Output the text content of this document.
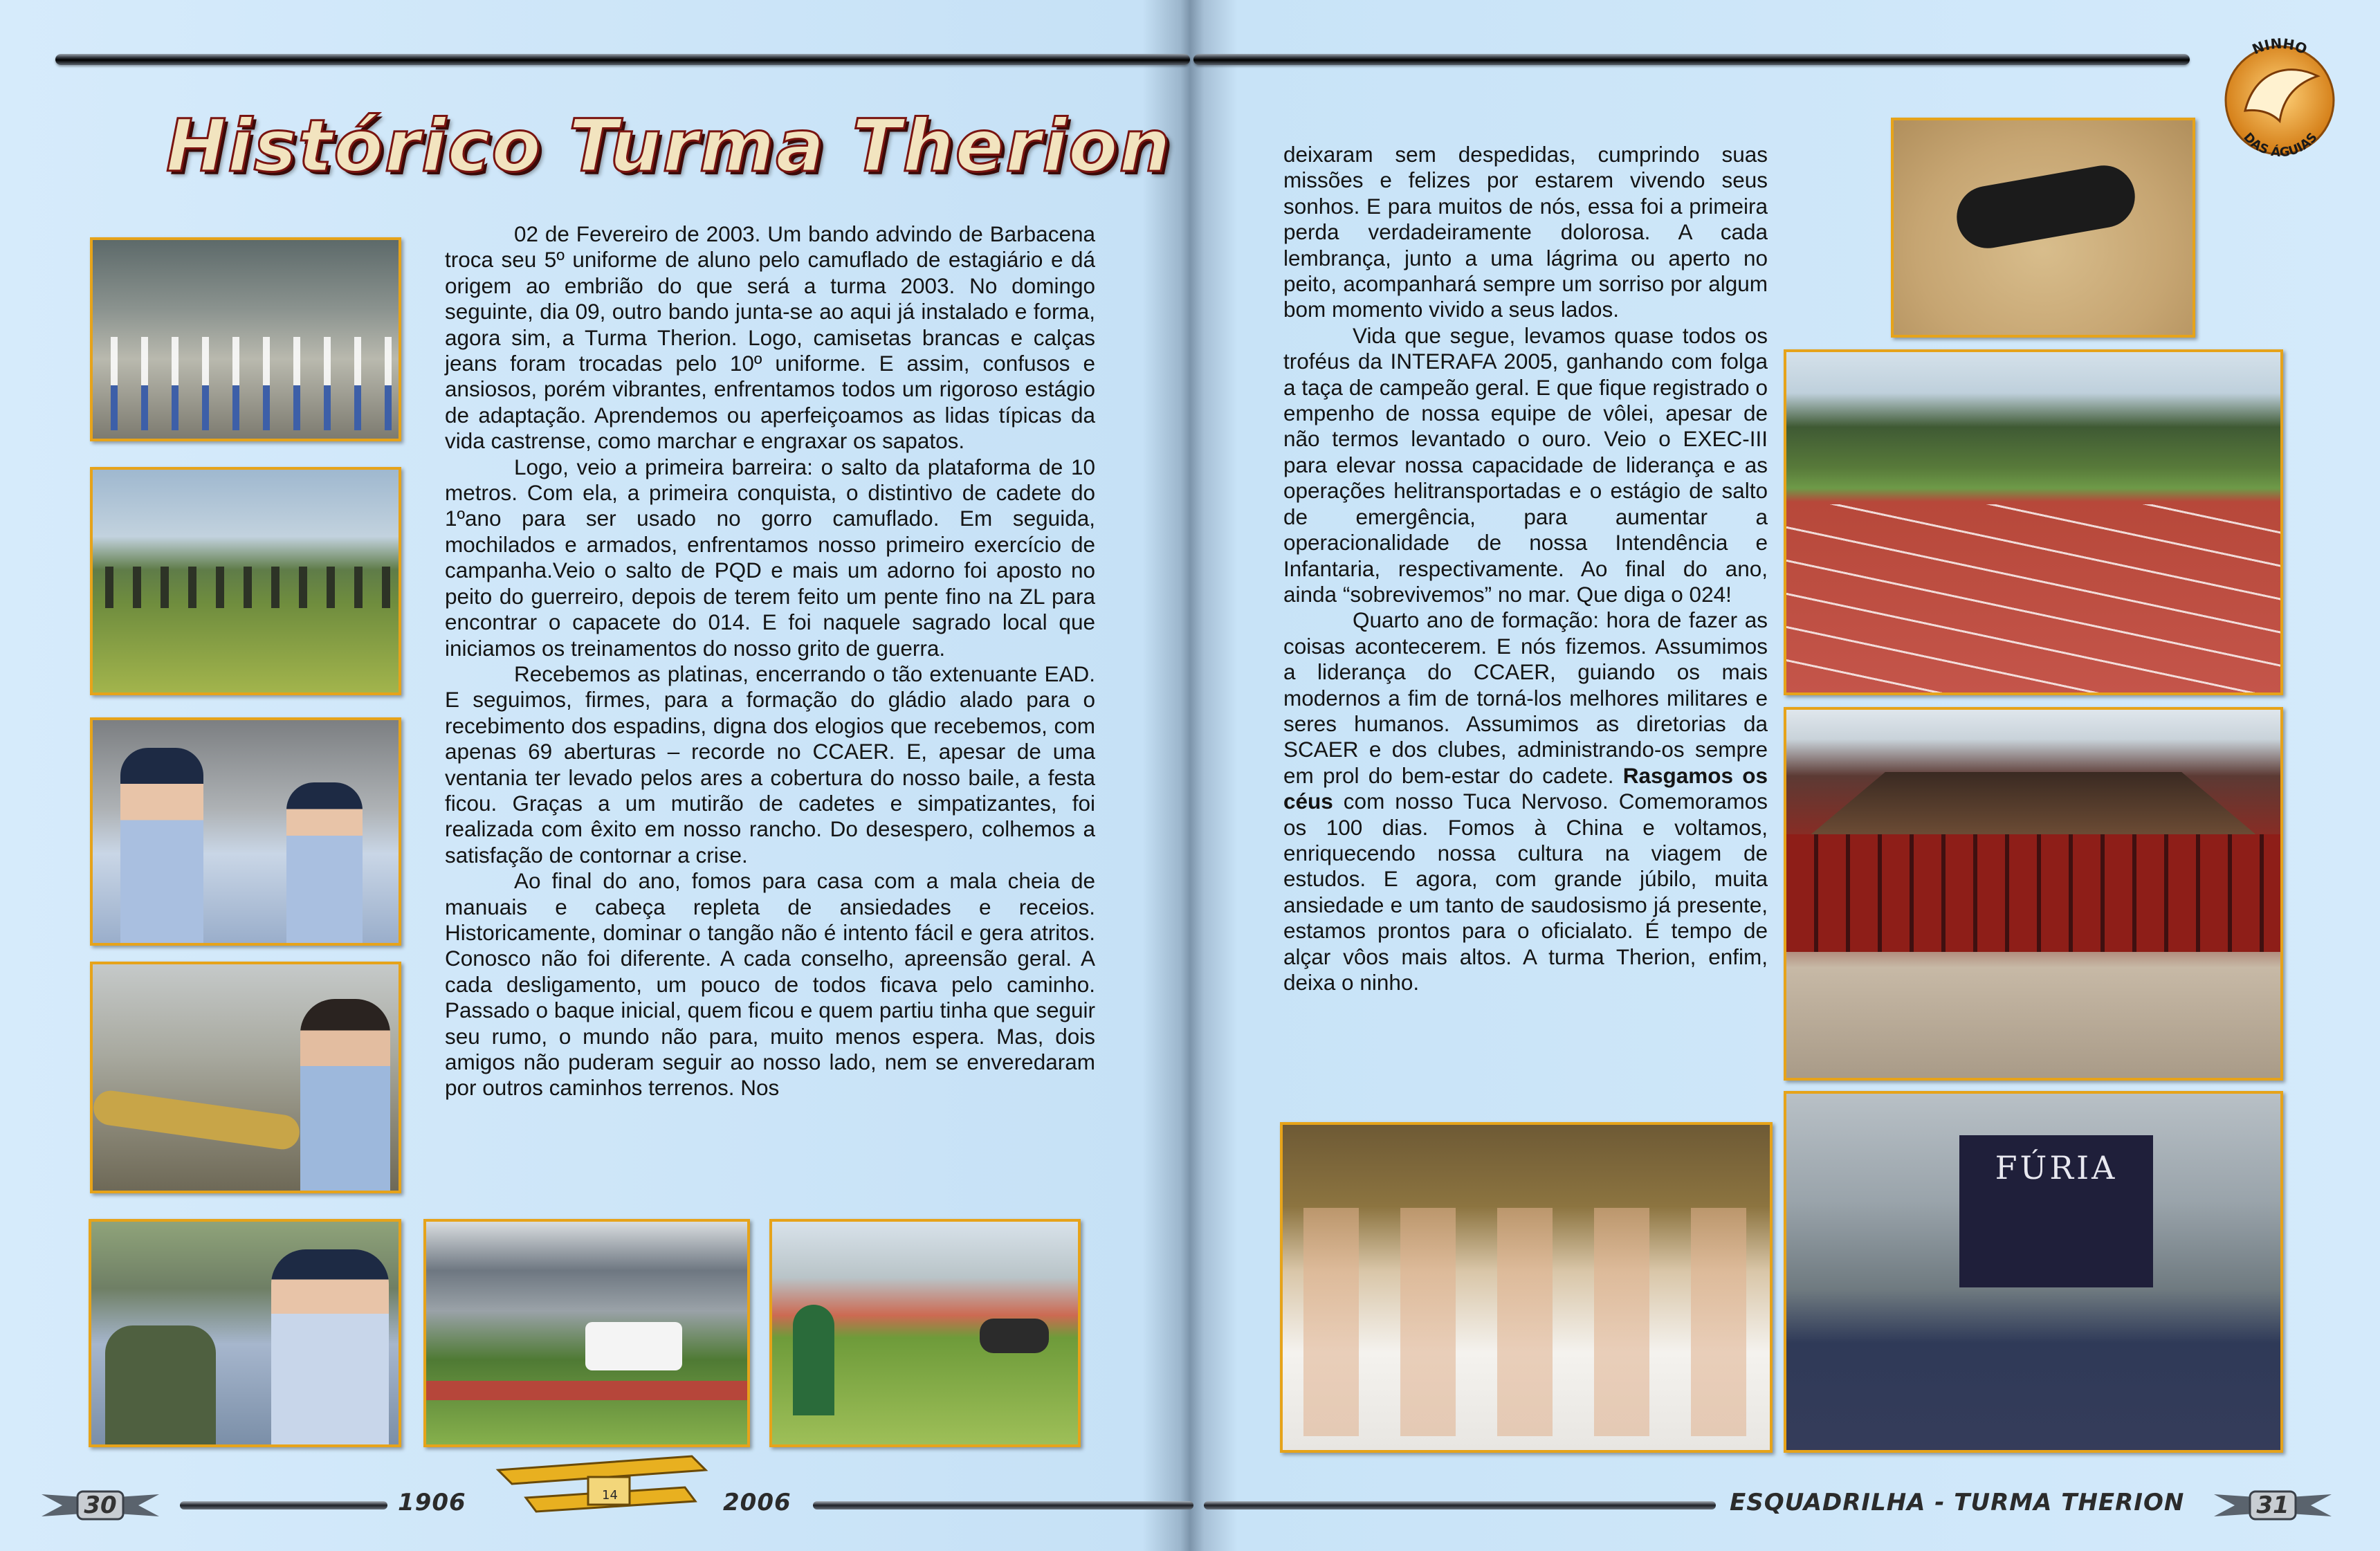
Histórico Turma Therion
NINHO
DAS ÁGUIAS
FÚRIA

02 de Fevereiro de 2003. Um bando advindo de Barbacena troca seu 5º uniforme de aluno pelo camuflado de estagiário e dá origem ao embrião do que será a turma 2003. No domingo seguinte, dia 09, outro bando junta-se ao aqui já instalado e forma, agora sim, a Turma Therion. Logo, camisetas brancas e calças jeans foram trocadas pelo 10º uniforme. E assim, confusos e ansiosos, porém vibrantes, enfrentamos todos um rigoroso estágio de adaptação. Aprendemos ou aperfeiçoamos as lidas típicas da vida castrense, como marchar e engraxar os sapatos.

Logo, veio a primeira barreira: o salto da plataforma de 10 metros. Com ela, a primeira conquista, o distintivo de cadete do 1ºano para ser usado no gorro camuflado. Em seguida, mochilados e armados, enfrentamos nosso primeiro exercício de campanha.Veio o salto de PQD e mais um adorno foi aposto no peito do guerreiro, depois de terem feito um pente fino na ZL para encontrar o capacete do 014. E foi naquele sagrado local que iniciamos os treinamentos do nosso grito de guerra.

Recebemos as platinas, encerrando o tão extenuante EAD. E seguimos, firmes, para a formação do gládio alado para o recebimento dos espadins, digna dos elogios que recebemos, com apenas 69 aberturas – recorde no CCAER. E, apesar de uma ventania ter levado pelos ares a cobertura do nosso baile, a festa ficou. Graças a um mutirão de cadetes e simpatizantes, foi realizada com êxito em nosso rancho. Do desespero, colhemos a satisfação de contornar a crise.

Ao final do ano, fomos para casa com a mala cheia de manuais e cabeça repleta de ansiedades e receios. Historicamente, dominar o tangão não é intento fácil e gera atritos. Conosco não foi diferente. A cada conselho, apreensão geral. A cada desligamento, um pouco de todos ficava pelo caminho. Passado o baque inicial, quem ficou e quem partiu tinha que seguir seu rumo, o mundo não para, muito menos espera. Mas, dois amigos não puderam seguir ao nosso lado, nem se enveredaram por outros caminhos terrenos. Nos

deixaram sem despedidas, cumprindo suas missões e felizes por estarem vivendo seus sonhos. E para muitos de nós, essa foi a primeira perda verdadeiramente dolorosa. A cada lembrança, junto a uma lágrima ou aperto no peito, acompanhará sempre um sorriso por algum bom momento vivido a seus lados.

Vida que segue, levamos quase todos os troféus da INTERAFA 2005, ganhando com folga a taça de campeão geral. E que fique registrado o empenho de nossa equipe de vôlei, apesar de não termos levantado o ouro. Veio o EXEC-III para elevar nossa capacidade de liderança e as operações helitransportadas e o estágio de salto de emergência, para aumentar a operacionalidade de nossa Intendência e Infantaria, respectivamente. Ao final do ano, ainda “sobrevivemos” no mar. Que diga o 024!

Quarto ano de formação: hora de fazer as coisas acontecerem. E nós fizemos. Assumimos a liderança do CCAER, guiando os mais modernos a fim de torná-los melhores militares e seres humanos. Assumimos as diretorias da SCAER e dos clubes, administrando-os sempre em prol do bem-estar do cadete. Rasgamos os céus com nosso Tuca Nervoso. Comemoramos os 100 dias. Fomos à China e voltamos, enriquecendo nossa cultura na viagem de estudos. E agora, com grande júbilo, muita ansiedade e um tanto de saudosismo já presente, estamos prontos para o oficialato. É tempo de alçar vôos mais altos. A turma Therion, enfim, deixa o ninho.

30	1906	14	2006	ESQUADRILHA - TURMA THERION	31
